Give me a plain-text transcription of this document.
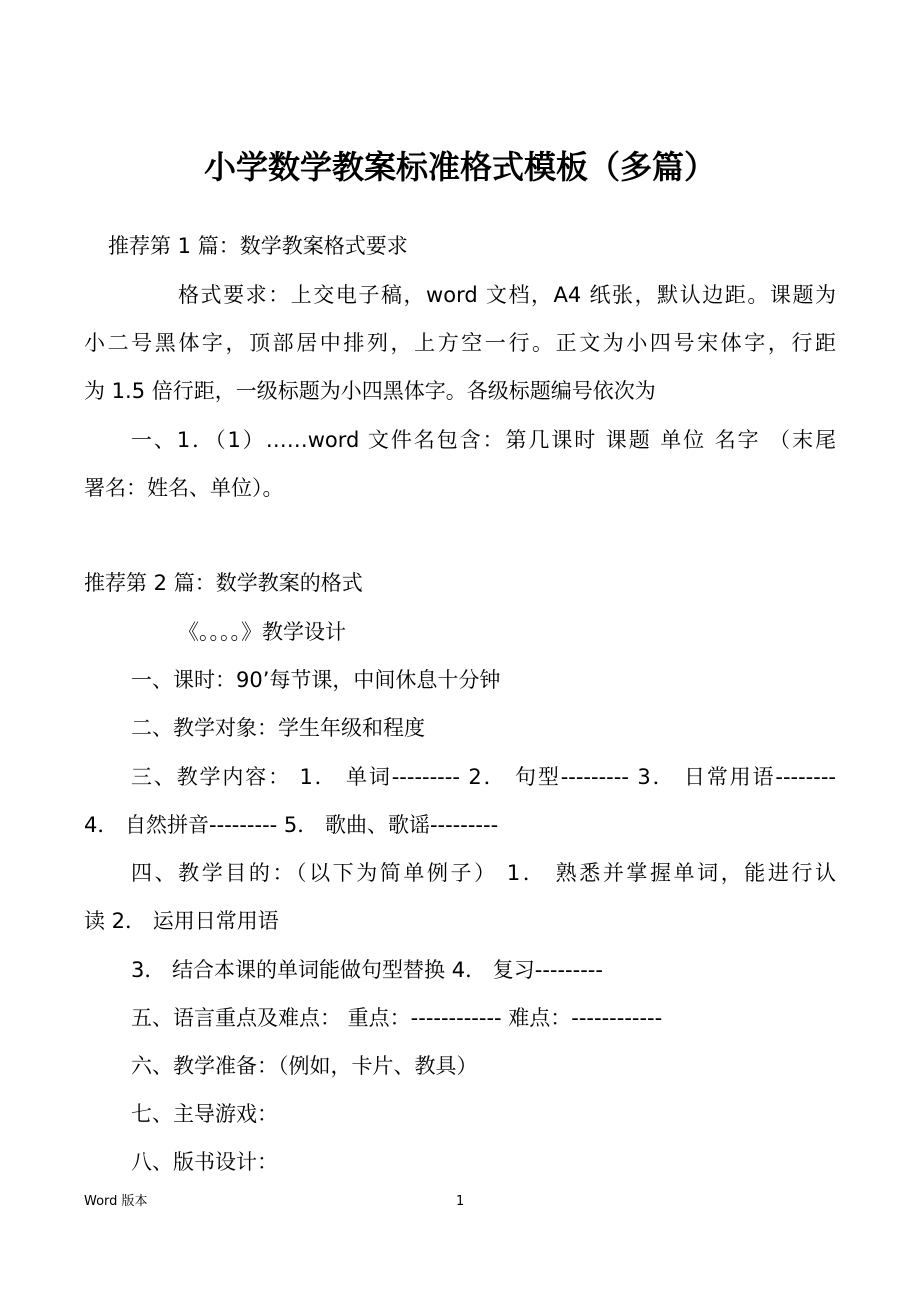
小学数学教案标准格式模板（多篇）
推荐第 1 篇：数学教案格式要求
格式要求：上交电子稿，word 文档，A4 纸张，默认边距。课题为
小二号黑体字，顶部居中排列，上方空一行。正文为小四号宋体字，行距
为 1.5 倍行距，一级标题为小四黑体字。各级标题编号依次为
一、1．（1）……word 文件名包含：第几课时 课题 单位 名字 （末尾
署名：姓名、单位）。
推荐第 2 篇：数学教案的格式
《。。。。》教学设计
一、课时：90’每节课，中间休息十分钟
二、教学对象：学生年级和程度
三、教学内容： 1． 单词--------- 2． 句型--------- 3． 日常用语--------
4． 自然拼音--------- 5． 歌曲、歌谣---------
四、教学目的：（以下为简单例子） 1． 熟悉并掌握单词，能进行认
读 2． 运用日常用语
3． 结合本课的单词能做句型替换 4． 复习---------
五、语言重点及难点： 重点：------------ 难点：------------
六、教学准备：（例如，卡片、教具）
七、主导游戏：
八、版书设计：
Word 版本	1
